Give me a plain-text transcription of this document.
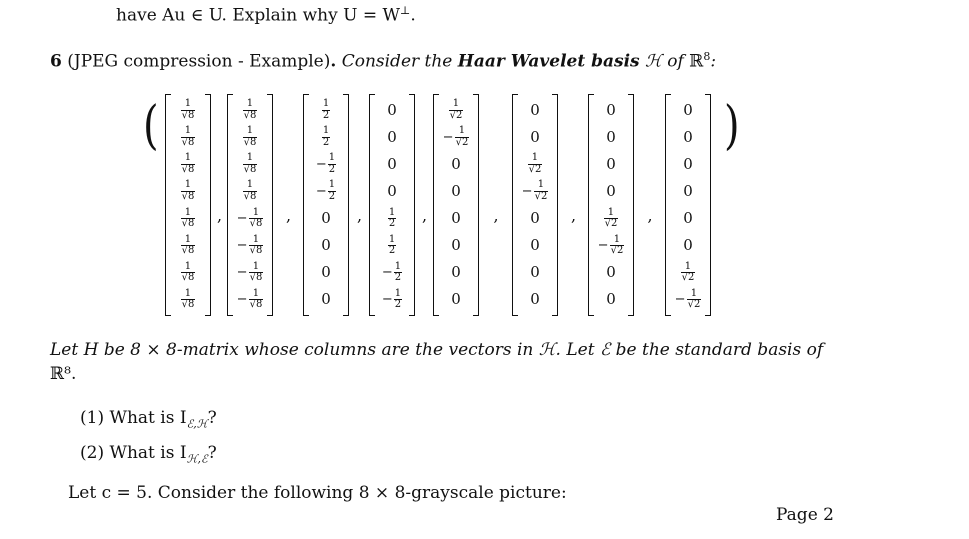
have Au ∈ U. Explain why U = W⊥.
6 (JPEG compression - Example). Consider the Haar Wavelet basis ℋ of ℝ$^8$:
(	)
$\frac{1}{√8}$
$\frac{1}{√8}$
$\frac{1}{√8}$
$\frac{1}{√8}$
$\frac{1}{√8}$
$\frac{1}{√8}$
$\frac{1}{√8}$
$\frac{1}{√8}$
,
$\frac{1}{√8}$
$\frac{1}{√8}$
$\frac{1}{√8}$
$\frac{1}{√8}$
− $\frac{1}{√8}$
− $\frac{1}{√8}$
− $\frac{1}{√8}$
− $\frac{1}{√8}$
,
$\frac{1}{2}$
$\frac{1}{2}$
− $\frac{1}{2}$
− $\frac{1}{2}$
0
0
0
0
,
0
0
0
0
$\frac{1}{2}$
$\frac{1}{2}$
− $\frac{1}{2}$
− $\frac{1}{2}$
,
$\frac{1}{√2}$
− $\frac{1}{√2}$
0
0
0
0
0
0
,
0
0
$\frac{1}{√2}$
− $\frac{1}{√2}$
0
0
0
0
,
0
0
0
0
$\frac{1}{√2}$
− $\frac{1}{√2}$
0
0
,
0
0
0
0
0
0
$\frac{1}{√2}$
− $\frac{1}{√2}$
Let H be 8 × 8-matrix whose columns are the vectors in ℋ. Let ℰ be the standard basis of
ℝ⁸.
(1) What is $I_{ℰ,ℋ}$?
(2) What is $I_{ℋ,ℰ}$?
Let c = 5. Consider the following 8 × 8-grayscale picture:
Page 2
